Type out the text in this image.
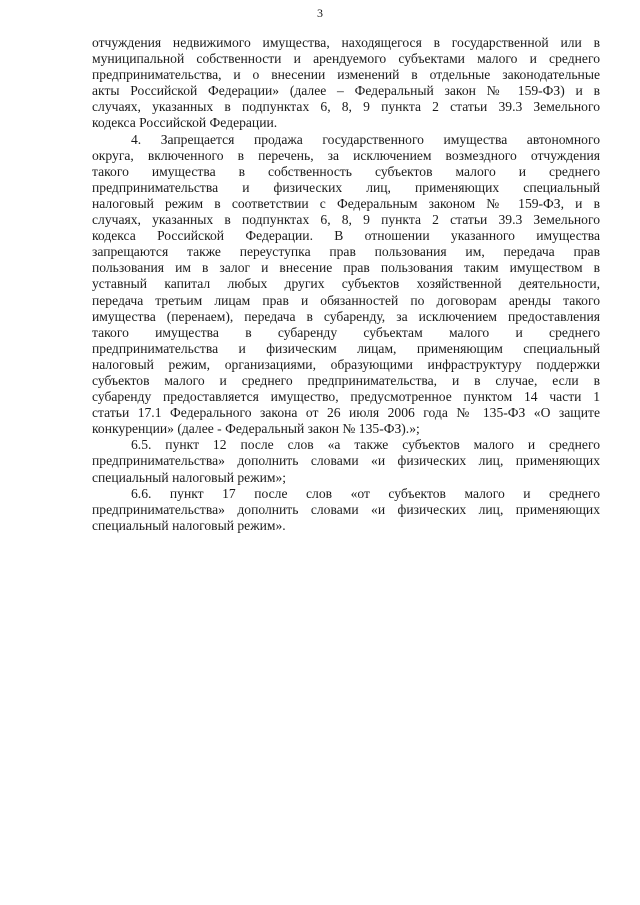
3
отчуждения недвижимого имущества, находящегося в государственной или в
муниципальной собственности и арендуемого субъектами малого и среднего
предпринимательства, и о внесении изменений в отдельные законодательные
акты Российской Федерации» (далее – Федеральный закон № 159-ФЗ) и в
случаях, указанных в подпунктах 6, 8, 9 пункта 2 статьи 39.3 Земельного
кодекса Российской Федерации.
4. Запрещается продажа государственного имущества автономного
округа, включенного в перечень, за исключением возмездного отчуждения
такого имущества в собственность субъектов малого и среднего
предпринимательства и физических лиц, применяющих специальный
налоговый режим в соответствии с Федеральным законом № 159-ФЗ, и в
случаях, указанных в подпунктах 6, 8, 9 пункта 2 статьи 39.3 Земельного
кодекса Российской Федерации. В отношении указанного имущества
запрещаются также переуступка прав пользования им, передача прав
пользования им в залог и внесение прав пользования таким имуществом в
уставный капитал любых других субъектов хозяйственной деятельности,
передача третьим лицам прав и обязанностей по договорам аренды такого
имущества (перенаем), передача в субаренду, за исключением предоставления
такого имущества в субаренду субъектам малого и среднего
предпринимательства и физическим лицам, применяющим специальный
налоговый режим, организациями, образующими инфраструктуру поддержки
субъектов малого и среднего предпринимательства, и в случае, если в
субаренду предоставляется имущество, предусмотренное пунктом 14 части 1
статьи 17.1 Федерального закона от 26 июля 2006 года № 135-ФЗ «О защите
конкуренции» (далее - Федеральный закон № 135-ФЗ).»;
6.5. пункт 12 после слов «а также субъектов малого и среднего
предпринимательства» дополнить словами «и физических лиц, применяющих
специальный налоговый режим»;
6.6. пункт 17 после слов «от субъектов малого и среднего
предпринимательства» дополнить словами «и физических лиц, применяющих
специальный налоговый режим».
